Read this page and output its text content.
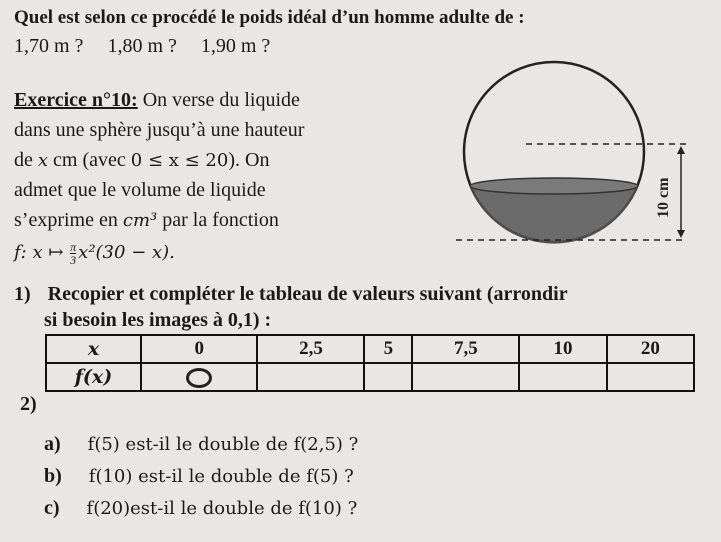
Quel est selon ce procédé le poids idéal d’un homme adulte de :
1,70 m ? 1,80 m ? 1,90 m ?
Exercice n°10: On verse du liquide
dans une sphère jusqu’à une hauteur
de x cm (avec 0 ≤ x ≤ 20). On
admet que le volume de liquide
s’exprime en cm³ par la fonction
f: x ↦ $\frac{\pi}{3} x^2(30 - x)$.
10 cm
1) Recopier et compléter le tableau de valeurs suivant (arrondir
si besoin les images à 0,1) :
x	0	2,5	5	7,5	10	20
f(x)						
2)
a) f(5) est-il le double de f(2,5) ?
b) f(10) est-il le double de f(5) ?
c) f(20)est-il le double de f(10) ?
